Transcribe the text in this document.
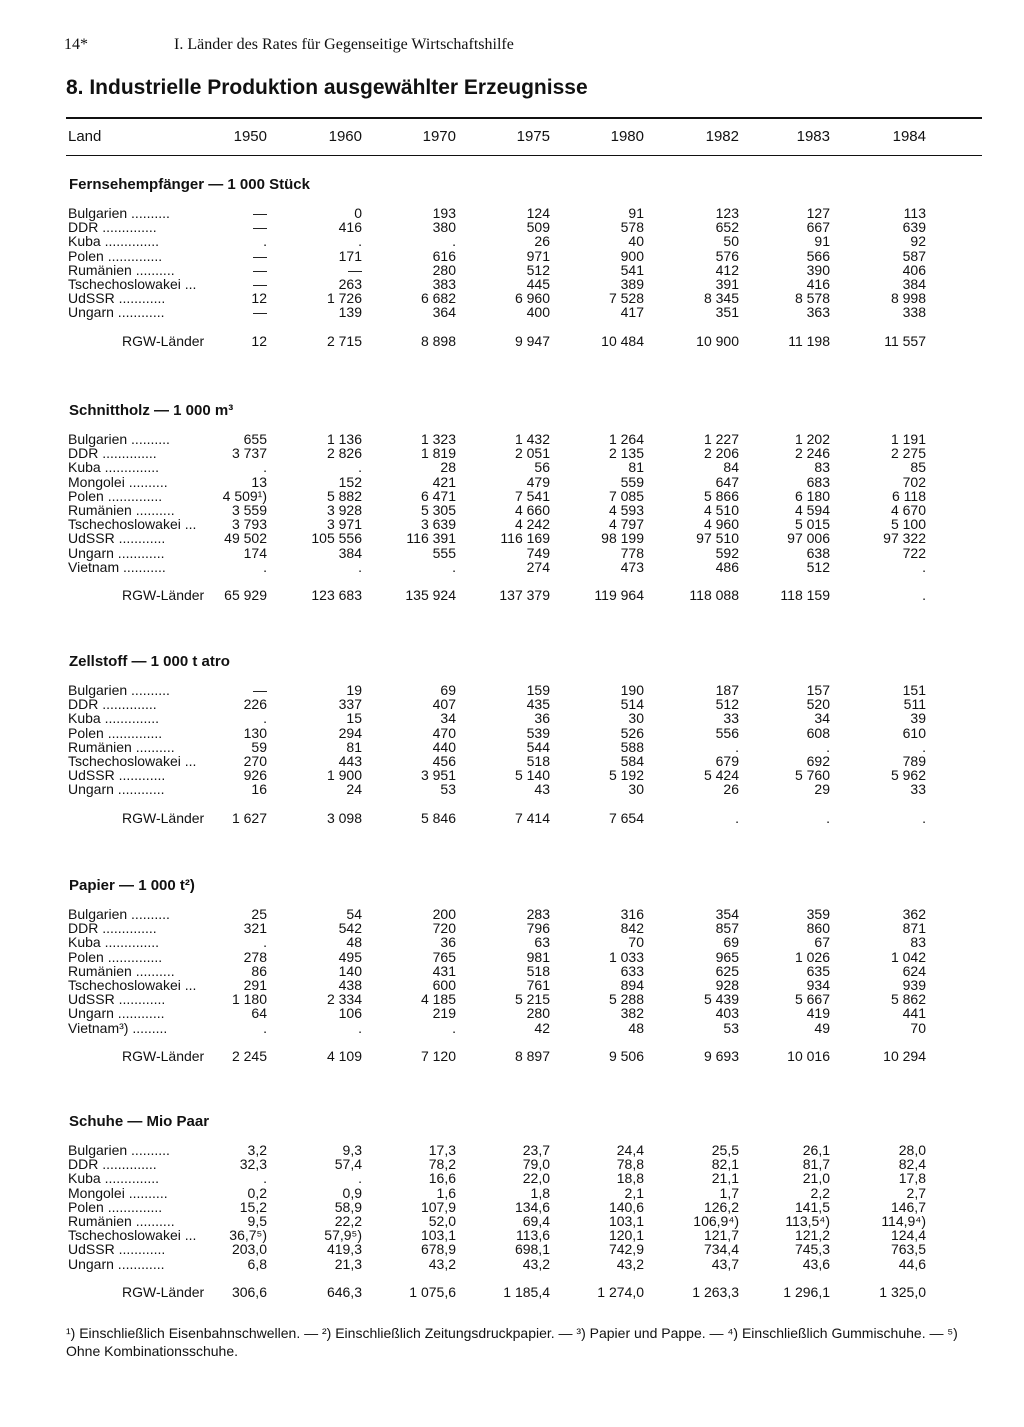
14*	I. Länder des Rates für Gegenseitige Wirtschaftshilfe
8. Industrielle Produktion ausgewählter Erzeugnisse
Land	1950	1960	1970	1975	1980	1982	1983	1984
Fernsehempfänger — 1 000 Stück
Bulgarien ..........	—	0	193	124	91	123	127	113
DDR ..............	—	416	380	509	578	652	667	639
Kuba ..............	.	.	.	26	40	50	91	92
Polen ..............	—	171	616	971	900	576	566	587
Rumänien ..........	—	—	280	512	541	412	390	406
Tschechoslowakei ...	—	263	383	445	389	391	416	384
UdSSR ............	12	1 726	6 682	6 960	7 528	8 345	8 578	8 998
Ungarn ............	—	139	364	400	417	351	363	338
RGW-Länder	12	2 715	8 898	9 947	10 484	10 900	11 198	11 557
Schnittholz — 1 000 m³
Bulgarien ..........	655	1 136	1 323	1 432	1 264	1 227	1 202	1 191
DDR ..............	3 737	2 826	1 819	2 051	2 135	2 206	2 246	2 275
Kuba ..............	.	.	28	56	81	84	83	85
Mongolei ..........	13	152	421	479	559	647	683	702
Polen ..............	4 509¹)	5 882	6 471	7 541	7 085	5 866	6 180	6 118
Rumänien ..........	3 559	3 928	5 305	4 660	4 593	4 510	4 594	4 670
Tschechoslowakei ...	3 793	3 971	3 639	4 242	4 797	4 960	5 015	5 100
UdSSR ............	49 502	105 556	116 391	116 169	98 199	97 510	97 006	97 322
Ungarn ............	174	384	555	749	778	592	638	722
Vietnam ...........	.	.	.	274	473	486	512	.
RGW-Länder	65 929	123 683	135 924	137 379	119 964	118 088	118 159	.
Zellstoff — 1 000 t atro
Bulgarien ..........	—	19	69	159	190	187	157	151
DDR ..............	226	337	407	435	514	512	520	511
Kuba ..............	.	15	34	36	30	33	34	39
Polen ..............	130	294	470	539	526	556	608	610
Rumänien ..........	59	81	440	544	588	.	.	.
Tschechoslowakei ...	270	443	456	518	584	679	692	789
UdSSR ............	926	1 900	3 951	5 140	5 192	5 424	5 760	5 962
Ungarn ............	16	24	53	43	30	26	29	33
RGW-Länder	1 627	3 098	5 846	7 414	7 654	.	.	.
Papier — 1 000 t²)
Bulgarien ..........	25	54	200	283	316	354	359	362
DDR ..............	321	542	720	796	842	857	860	871
Kuba ..............	.	48	36	63	70	69	67	83
Polen ..............	278	495	765	981	1 033	965	1 026	1 042
Rumänien ..........	86	140	431	518	633	625	635	624
Tschechoslowakei ...	291	438	600	761	894	928	934	939
UdSSR ............	1 180	2 334	4 185	5 215	5 288	5 439	5 667	5 862
Ungarn ............	64	106	219	280	382	403	419	441
Vietnam³) .........	.	.	.	42	48	53	49	70
RGW-Länder	2 245	4 109	7 120	8 897	9 506	9 693	10 016	10 294
Schuhe — Mio Paar
Bulgarien ..........	3,2	9,3	17,3	23,7	24,4	25,5	26,1	28,0
DDR ..............	32,3	57,4	78,2	79,0	78,8	82,1	81,7	82,4
Kuba ..............	.	.	16,6	22,0	18,8	21,1	21,0	17,8
Mongolei ..........	0,2	0,9	1,6	1,8	2,1	1,7	2,2	2,7
Polen ..............	15,2	58,9	107,9	134,6	140,6	126,2	141,5	146,7
Rumänien ..........	9,5	22,2	52,0	69,4	103,1	106,9⁴)	113,5⁴)	114,9⁴)
Tschechoslowakei ...	36,7⁵)	57,9⁵)	103,1	113,6	120,1	121,7	121,2	124,4
UdSSR ............	203,0	419,3	678,9	698,1	742,9	734,4	745,3	763,5
Ungarn ............	6,8	21,3	43,2	43,2	43,2	43,7	43,6	44,6
RGW-Länder	306,6	646,3	1 075,6	1 185,4	1 274,0	1 263,3	1 296,1	1 325,0
¹) Einschließlich Eisenbahnschwellen. — ²) Einschließlich Zeitungsdruckpapier. — ³) Papier und Pappe. — ⁴) Einschließlich Gummischuhe. — ⁵) Ohne Kombinationsschuhe.
